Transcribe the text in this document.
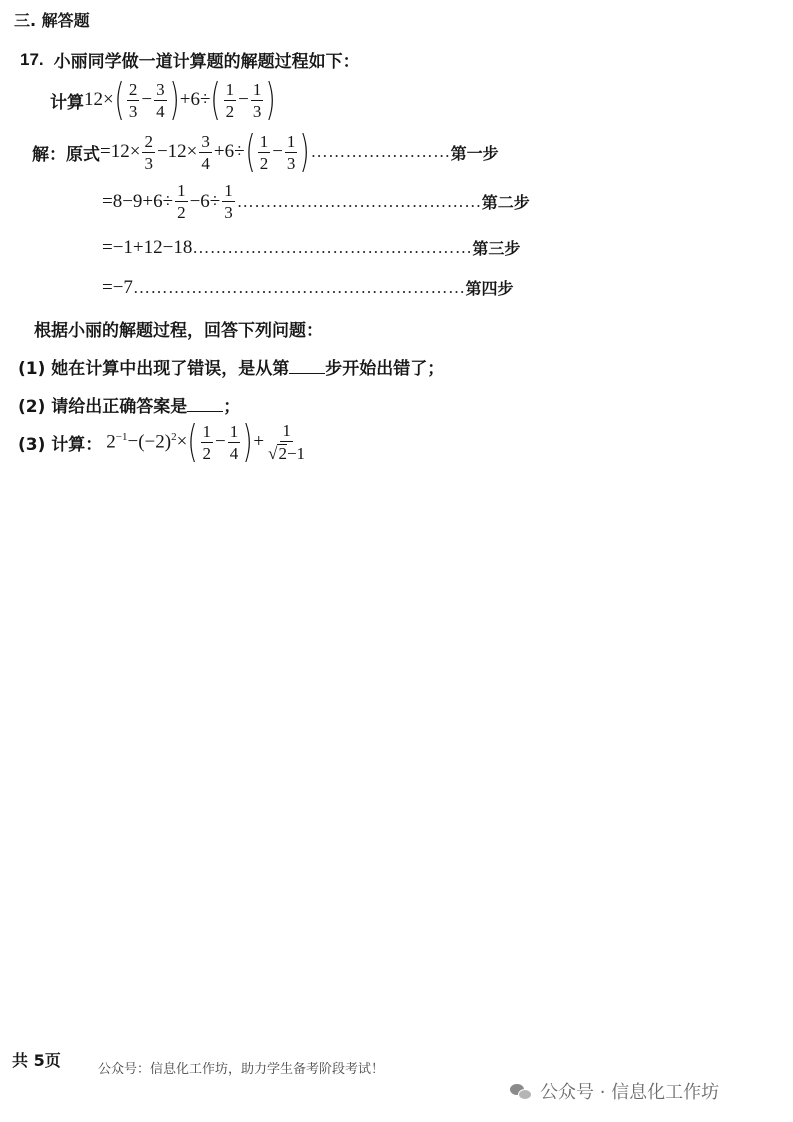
三. 解答题
17. 小丽同学做一道计算题的解题过程如下：
计算 12× ( $\frac{2}{3} - \frac{3}{4}$ ) +6÷ ( $\frac{1}{2} - \frac{1}{3}$ )
解：原式 $=12\times \frac{2}{3} -12\times \frac{3}{4} +6\div$ ( $\frac{1}{2} - \frac{1}{3}$ ) …………………… 第一步
$=8-9+6\div \frac{1}{2} -6\div \frac{1}{3}$ …………………………………… 第二步
=−1+12−18 ………………………………………… 第三步
=−7 ………………………………………………… 第四步
根据小丽的解题过程，回答下列问题：
(1) 她在计算中出现了错误，是从第 步开始出错了；
(2) 请给出正确答案是 ；
(3) 计算： $2^{-1} - (-2)^2$ × ( $\frac{1}{2} - \frac{1}{4}$ ) + $\frac{1}{√2-1}$
共 5页	公众号：信息化工作坊，助力学生备考阶段考试！
公众号 · 信息化工作坊
